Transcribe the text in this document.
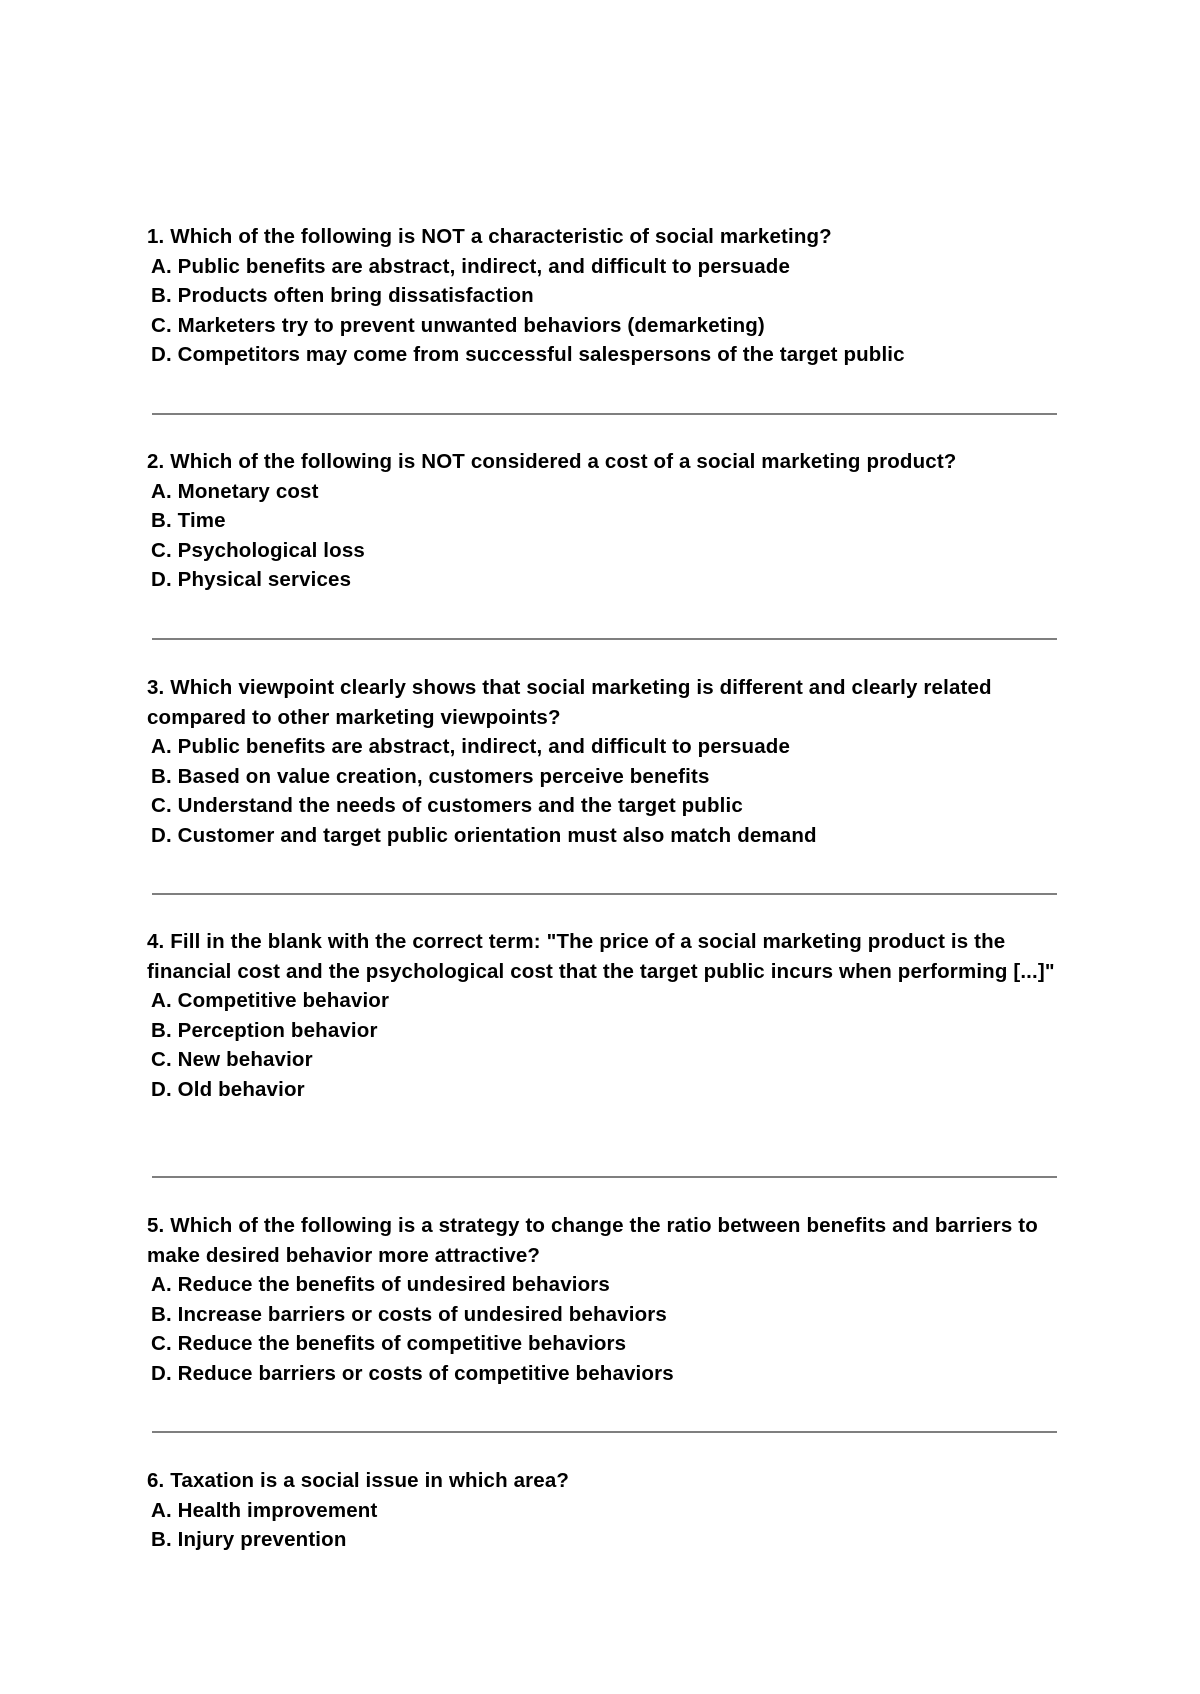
1. Which of the following is NOT a characteristic of social marketing?

A. Public benefits are abstract, indirect, and difficult to persuade

B. Products often bring dissatisfaction

C. Marketers try to prevent unwanted behaviors (demarketing)

D. Competitors may come from successful salespersons of the target public

2. Which of the following is NOT considered a cost of a social marketing product?

A. Monetary cost

B. Time

C. Psychological loss

D. Physical services

3. Which viewpoint clearly shows that social marketing is different and clearly related compared to other marketing viewpoints?

A. Public benefits are abstract, indirect, and difficult to persuade

B. Based on value creation, customers perceive benefits

C. Understand the needs of customers and the target public

D. Customer and target public orientation must also match demand

4. Fill in the blank with the correct term: "The price of a social marketing product is the financial cost and the psychological cost that the target public incurs when performing [...]"

A. Competitive behavior

B. Perception behavior

C. New behavior

D. Old behavior

5. Which of the following is a strategy to change the ratio between benefits and barriers to make desired behavior more attractive?

A. Reduce the benefits of undesired behaviors

B. Increase barriers or costs of undesired behaviors

C. Reduce the benefits of competitive behaviors

D. Reduce barriers or costs of competitive behaviors

6. Taxation is a social issue in which area?

A. Health improvement

B. Injury prevention
